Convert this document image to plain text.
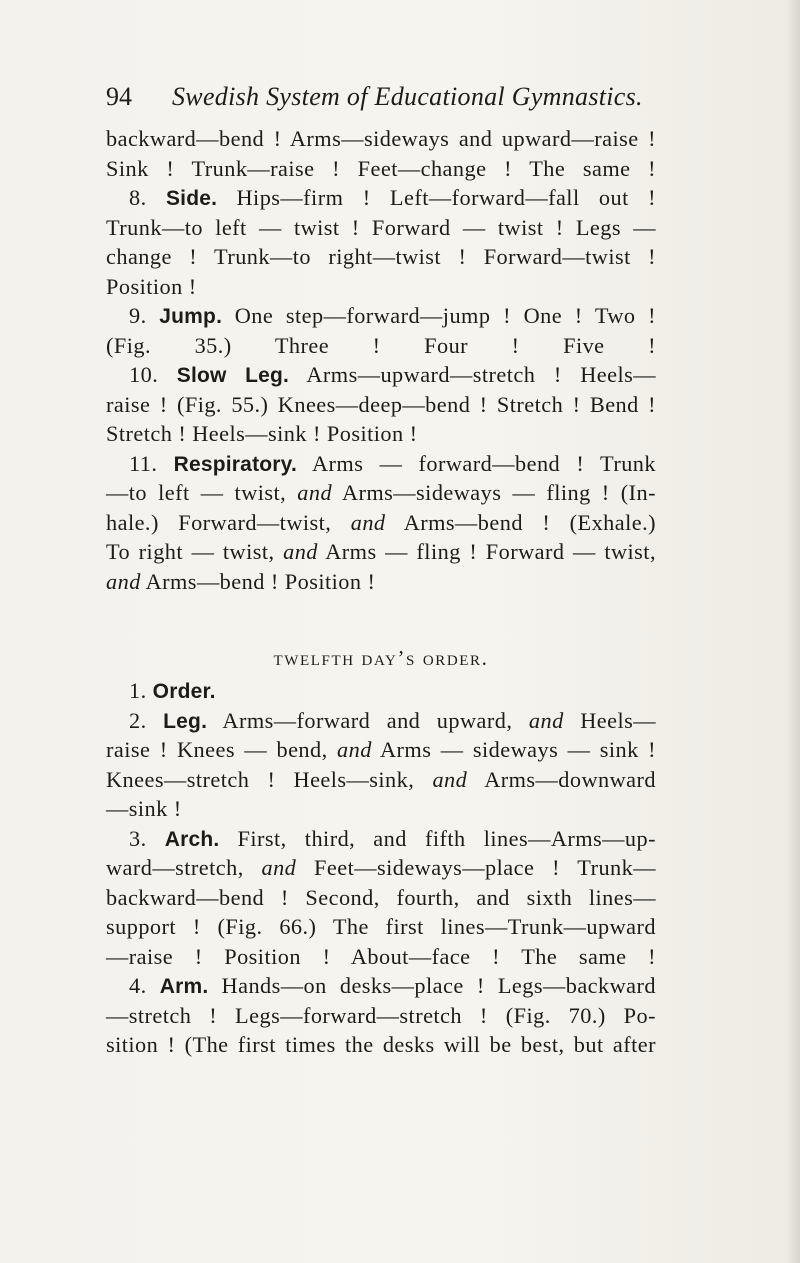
94 Swedish System of Educational Gymnastics.
backward—bend ! Arms—sideways and upward—raise !
Sink ! Trunk—raise ! Feet—change ! The same !
8. Side. Hips—firm ! Left—forward—fall out !
Trunk—to left — twist ! Forward — twist ! Legs —
change ! Trunk—to right—twist ! Forward—twist !
Position !
9. Jump. One step—forward—jump ! One ! Two !
(Fig. 35.) Three ! Four ! Five !
10. Slow Leg. Arms—upward—stretch ! Heels—
raise ! (Fig. 55.) Knees—deep—bend ! Stretch ! Bend !
Stretch ! Heels—sink ! Position !
11. Respiratory. Arms — forward—bend ! Trunk
—to left — twist, and Arms—sideways — fling ! (In-
hale.) Forward—twist, and Arms—bend ! (Exhale.)
To right — twist, and Arms — fling ! Forward — twist,
and Arms—bend ! Position !
twelfth day’s order.
1. Order.
2. Leg. Arms—forward and upward, and Heels—
raise ! Knees — bend, and Arms — sideways — sink !
Knees—stretch ! Heels—sink, and Arms—downward
—sink !
3. Arch. First, third, and fifth lines—Arms—up-
ward—stretch, and Feet—sideways—place ! Trunk—
backward—bend ! Second, fourth, and sixth lines—
support ! (Fig. 66.) The first lines—Trunk—upward
—raise ! Position ! About—face ! The same !
4. Arm. Hands—on desks—place ! Legs—backward
—stretch ! Legs—forward—stretch ! (Fig. 70.) Po-
sition ! (The first times the desks will be best, but after
